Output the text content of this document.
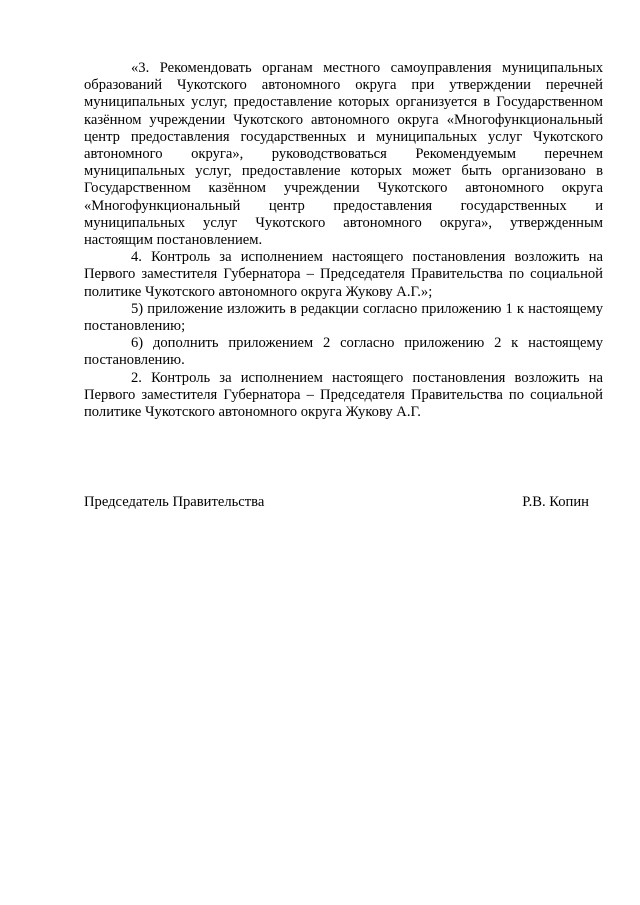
«3. Рекомендовать органам местного самоуправления муниципальных образований Чукотского автономного округа при утверждении перечней муниципальных услуг, предоставление которых организуется в Государственном казённом учреждении Чукотского автономного округа «Многофункциональный центр предоставления государственных и муниципальных услуг Чукотского автономного округа», руководствоваться Рекомендуемым перечнем муниципальных услуг, предоставление которых может быть организовано в Государственном казённом учреждении Чукотского автономного округа «Многофункциональный центр предоставления государственных и муниципальных услуг Чукотского автономного округа», утвержденным настоящим постановлением.

4. Контроль за исполнением настоящего постановления возложить на Первого заместителя Губернатора – Председателя Правительства по социальной политике Чукотского автономного округа Жукову А.Г.»;

5) приложение изложить в редакции согласно приложению 1 к настоящему постановлению;

6) дополнить приложением 2 согласно приложению 2 к настоящему постановлению.

2. Контроль за исполнением настоящего постановления возложить на Первого заместителя Губернатора – Председателя Правительства по социальной политике Чукотского автономного округа Жукову А.Г.

Председатель Правительства	Р.В. Копин
